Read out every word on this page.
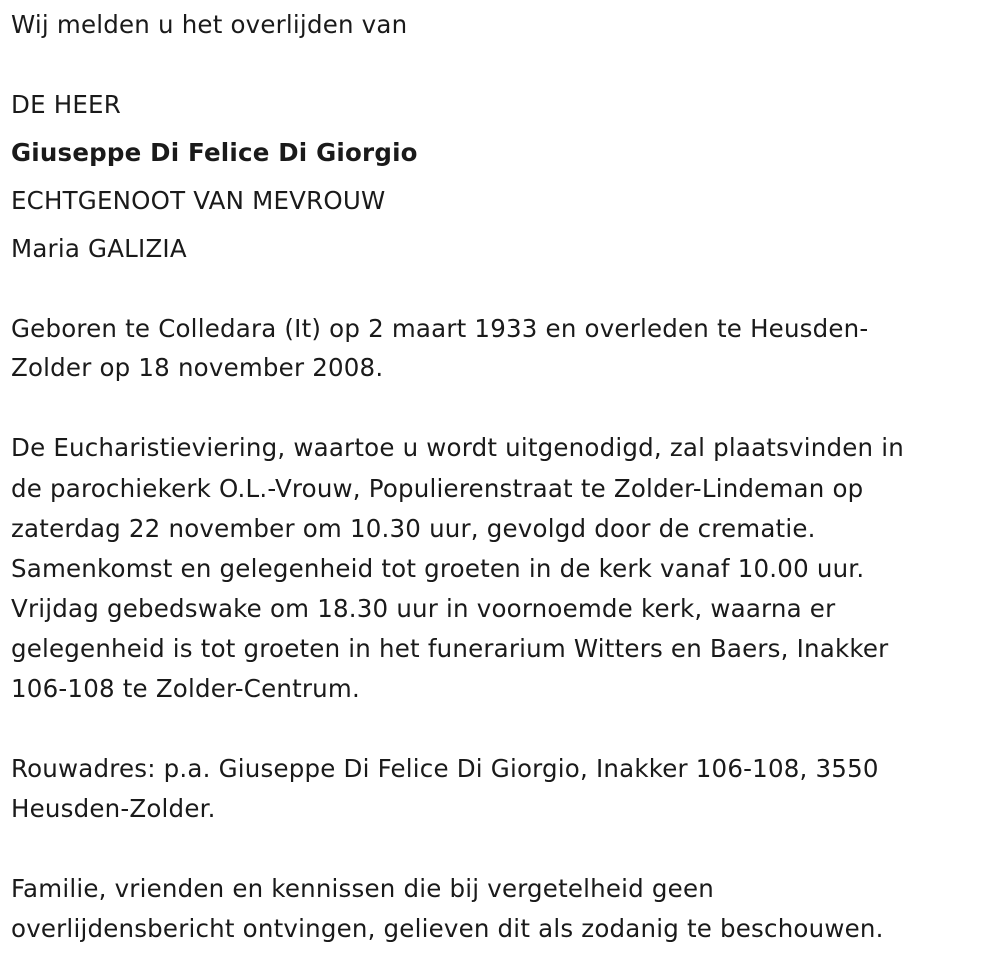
Wij melden u het overlijden van
DE HEER
Giuseppe Di Felice Di Giorgio
ECHTGENOOT VAN MEVROUW
Maria GALIZIA
Geboren te Colledara (It) op 2 maart 1933 en overleden te Heusden-
Zolder op 18 november 2008.
De Eucharistieviering, waartoe u wordt uitgenodigd, zal plaatsvinden in
de parochiekerk O.L.-Vrouw, Populierenstraat te Zolder-Lindeman op
zaterdag 22 november om 10.30 uur, gevolgd door de crematie.
Samenkomst en gelegenheid tot groeten in de kerk vanaf 10.00 uur.
Vrijdag gebedswake om 18.30 uur in voornoemde kerk, waarna er
gelegenheid is tot groeten in het funerarium Witters en Baers, Inakker
106-108 te Zolder-Centrum.
Rouwadres: p.a. Giuseppe Di Felice Di Giorgio, Inakker 106-108, 3550
Heusden-Zolder.
Familie, vrienden en kennissen die bij vergetelheid geen
overlijdensbericht ontvingen, gelieven dit als zodanig te beschouwen.
